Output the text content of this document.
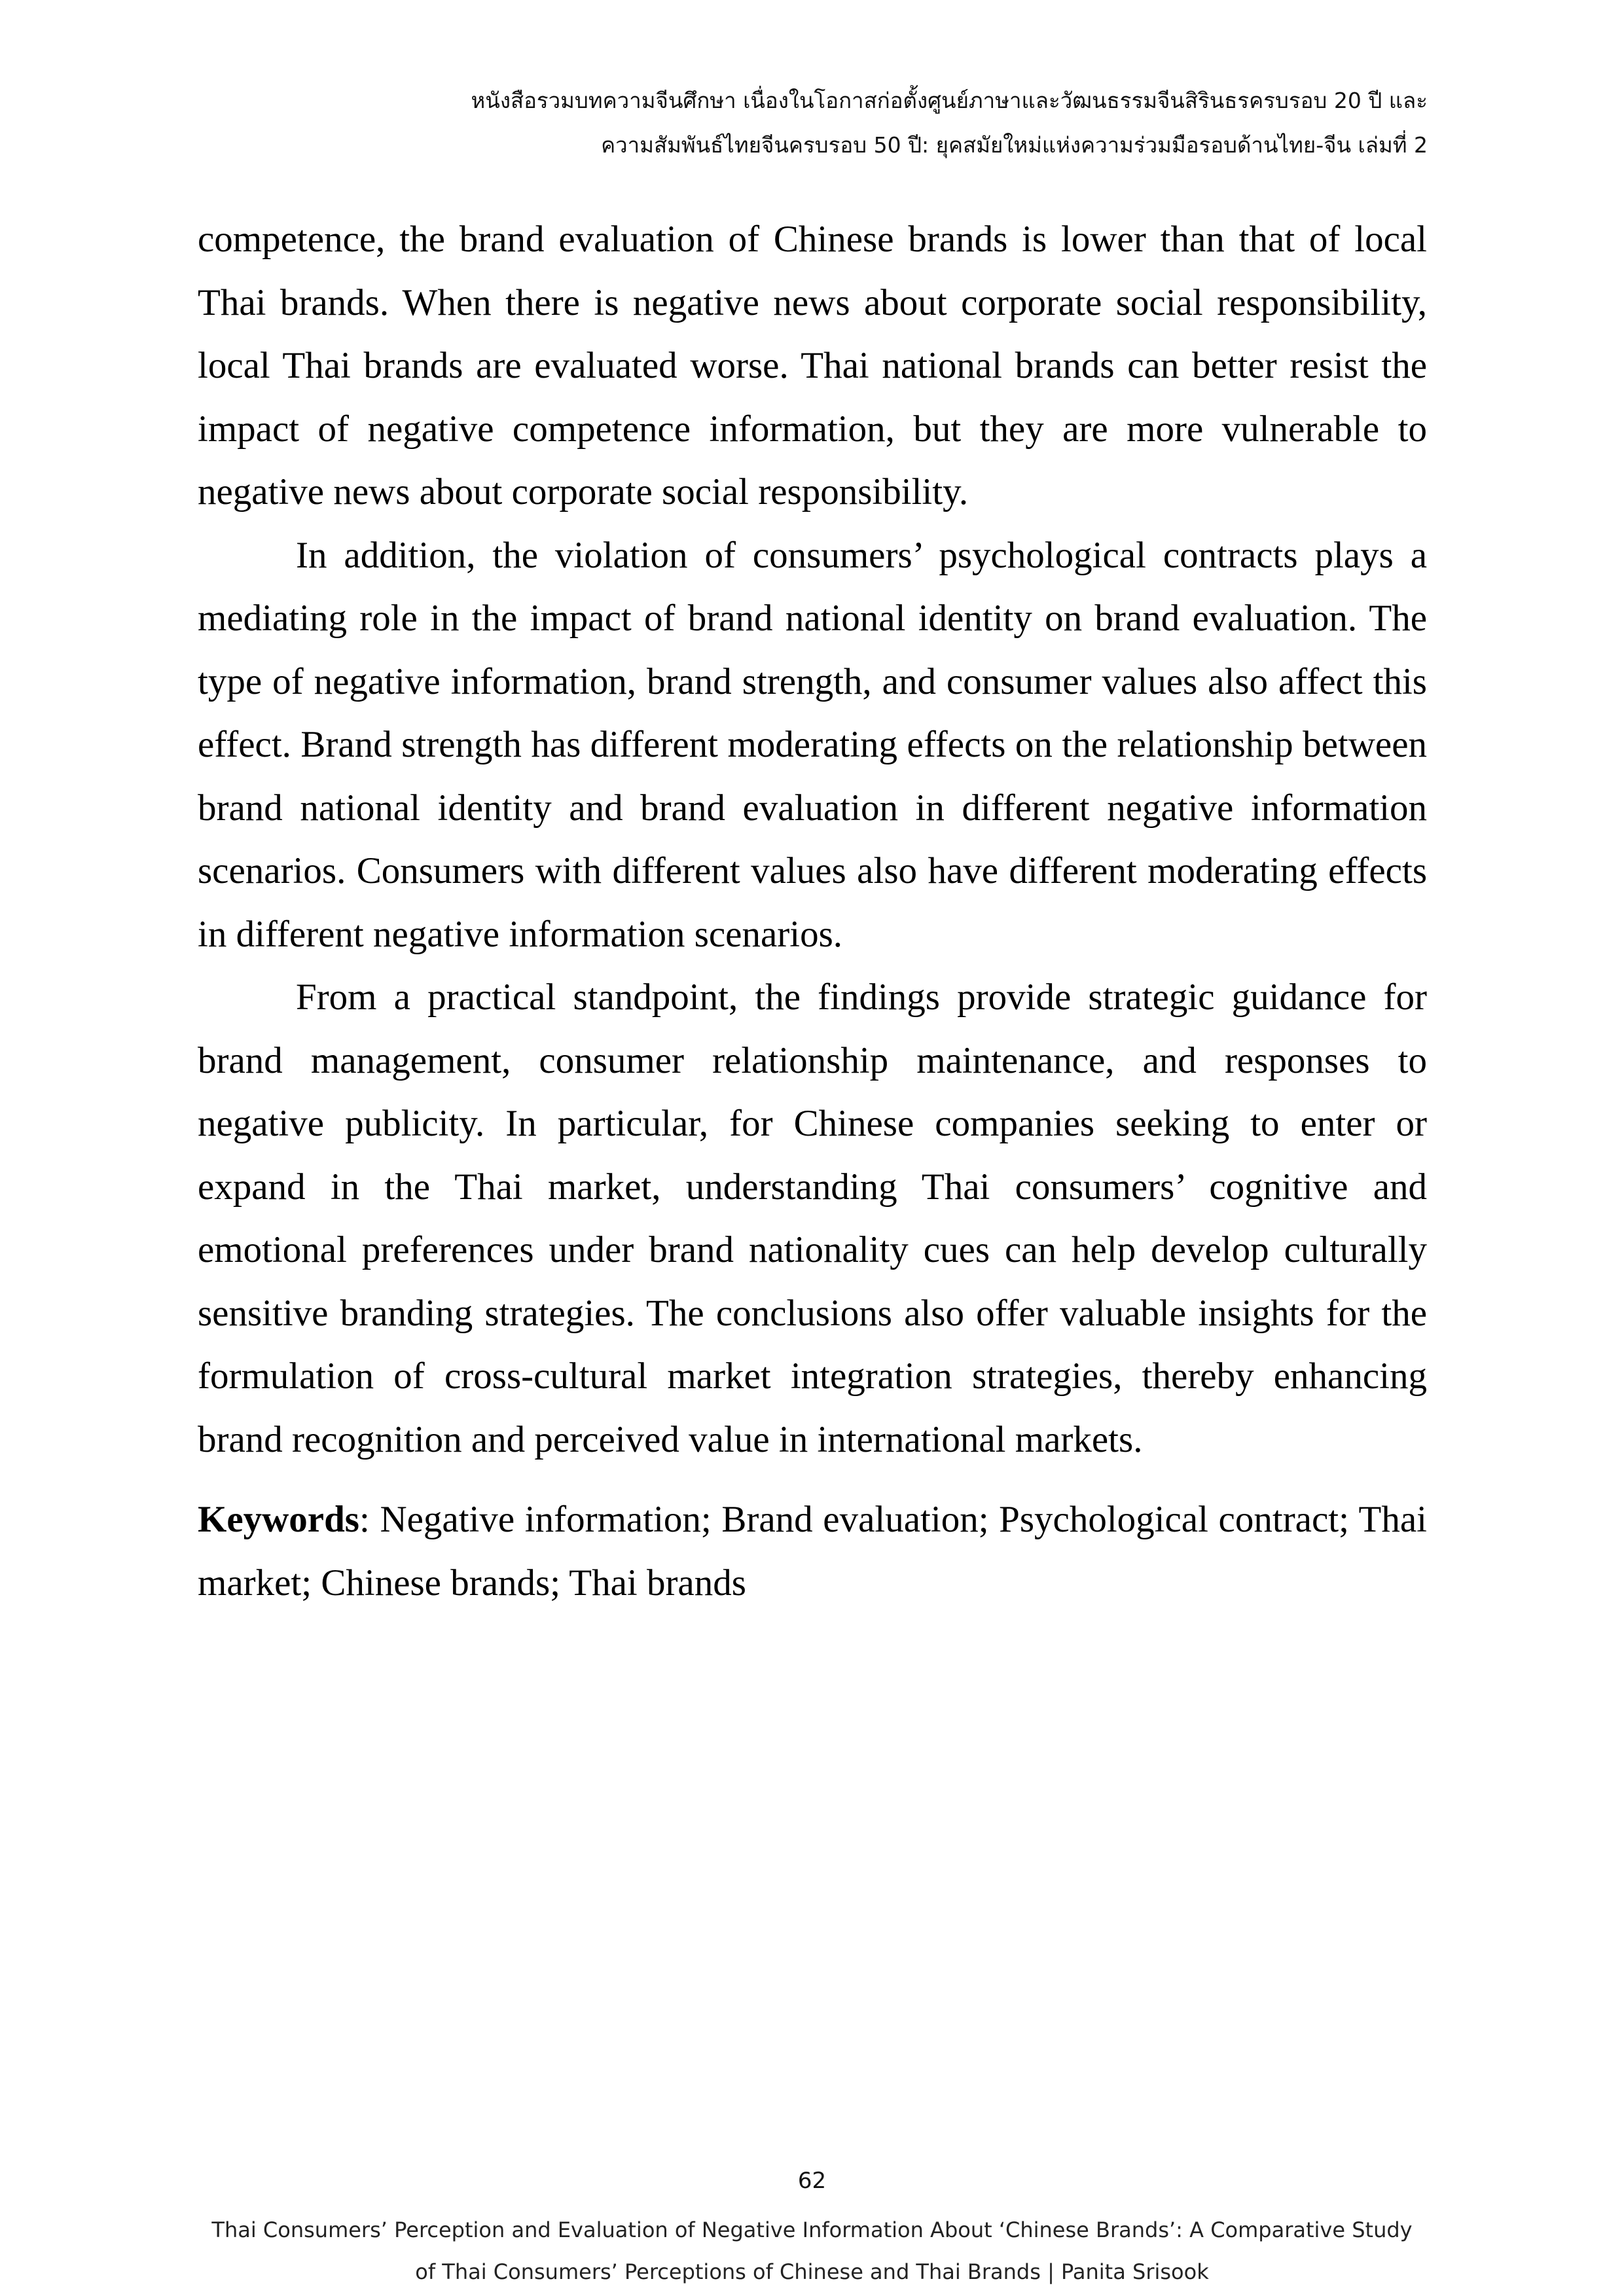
หนังสือรวมบทความจีนศึกษา เนื่องในโอกาสก่อตั้งศูนย์ภาษาและวัฒนธรรมจีนสิรินธรครบรอบ 20 ปี และ
ความสัมพันธ์ไทยจีนครบรอบ 50 ปี: ยุคสมัยใหม่แห่งความร่วมมือรอบด้านไทย-จีน เล่มที่ 2

competence, the brand evaluation of Chinese brands is lower than that of local Thai brands. When there is negative news about corporate social responsibility, local Thai brands are evaluated worse. Thai national brands can better resist the impact of negative competence information, but they are more vulnerable to negative news about corporate social responsibility.

In addition, the violation of consumers’ psychological contracts plays a mediating role in the impact of brand national identity on brand evaluation. The type of negative information, brand strength, and consumer values also affect this effect. Brand strength has different moderating effects on the relationship between brand national identity and brand evaluation in different negative information scenarios. Consumers with different values also have different moderating effects in different negative information scenarios.

From a practical standpoint, the findings provide strategic guidance for brand management, consumer relationship maintenance, and responses to negative publicity. In particular, for Chinese companies seeking to enter or expand in the Thai market, understanding Thai consumers’ cognitive and emotional preferences under brand nationality cues can help develop culturally sensitive branding strategies. The conclusions also offer valuable insights for the formulation of cross-cultural market integration strategies, thereby enhancing brand recognition and perceived value in international markets.

Keywords: Negative information; Brand evaluation; Psychological contract; Thai market; Chinese brands; Thai brands

62
Thai Consumers’ Perception and Evaluation of Negative Information About ‘Chinese Brands’: A Comparative Study
of Thai Consumers’ Perceptions of Chinese and Thai Brands | Panita Srisook
